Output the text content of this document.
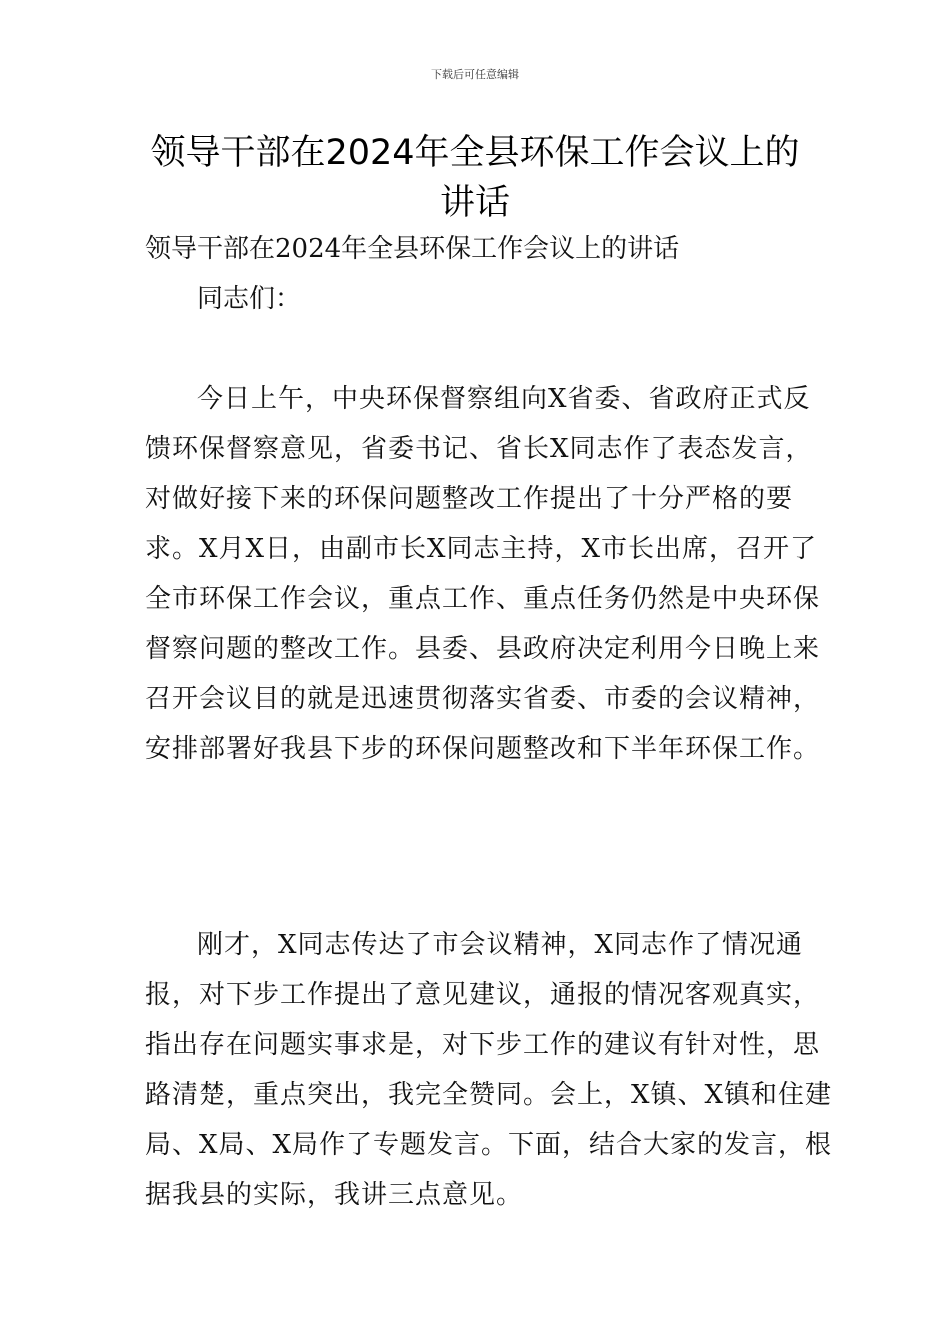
下载后可任意编辑
领导干部在2024年全县环保工作会议上的讲话

领导干部在2024年全县环保工作会议上的讲话

同志们：

今日上午，中央环保督察组向X省委、省政府正式反馈环保督察意见，省委书记、省长X同志作了表态发言，对做好接下来的环保问题整改工作提出了十分严格的要求。X月X日，由副市长X同志主持，X市长出席，召开了全市环保工作会议，重点工作、重点任务仍然是中央环保督察问题的整改工作。县委、县政府决定利用今日晚上来召开会议目的就是迅速贯彻落实省委、市委的会议精神，安排部署好我县下步的环保问题整改和下半年环保工作。

刚才，X同志传达了市会议精神，X同志作了情况通报，对下步工作提出了意见建议，通报的情况客观真实，指出存在问题实事求是，对下步工作的建议有针对性，思路清楚，重点突出，我完全赞同。会上，X镇、X镇和住建局、X局、X局作了专题发言。下面，结合大家的发言，根据我县的实际，我讲三点意见。
